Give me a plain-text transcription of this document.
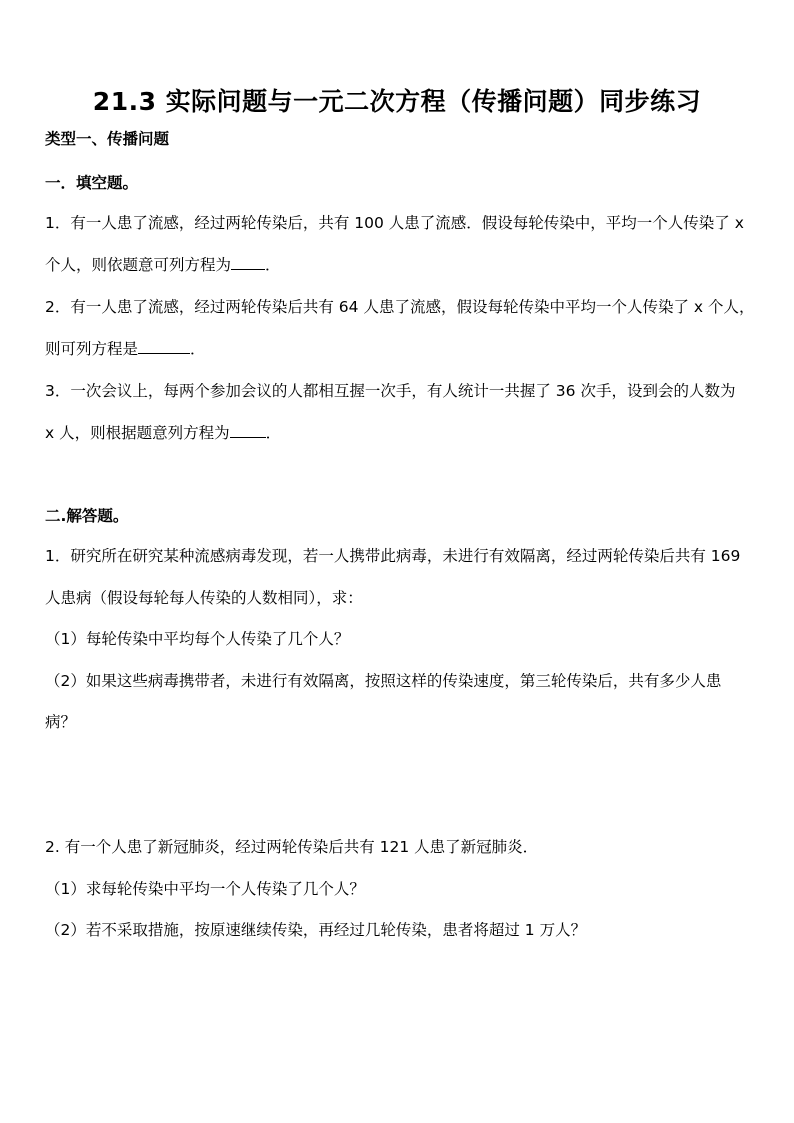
21.3 实际问题与一元二次方程（传播问题）同步练习
类型一、传播问题
一．填空题。
1．有一人患了流感，经过两轮传染后，共有 100 人患了流感．假设每轮传染中，平均一个人传染了 x
个人，则依题意可列方程为 ．
2．有一人患了流感，经过两轮传染后共有 64 人患了流感，假设每轮传染中平均一个人传染了 x 个人，
则可列方程是	．
3．一次会议上，每两个参加会议的人都相互握一次手，有人统计一共握了 36 次手，设到会的人数为
x 人，则根据题意列方程为 ．
二.解答题。
1．研究所在研究某种流感病毒发现，若一人携带此病毒，未进行有效隔离，经过两轮传染后共有 169
人患病（假设每轮每人传染的人数相同），求：
（1）每轮传染中平均每个人传染了几个人？
（2）如果这些病毒携带者，未进行有效隔离，按照这样的传染速度，第三轮传染后，共有多少人患
病？
2. 有一个人患了新冠肺炎，经过两轮传染后共有 121 人患了新冠肺炎．
（1）求每轮传染中平均一个人传染了几个人？
（2）若不采取措施，按原速继续传染，再经过几轮传染，患者将超过 1 万人？
